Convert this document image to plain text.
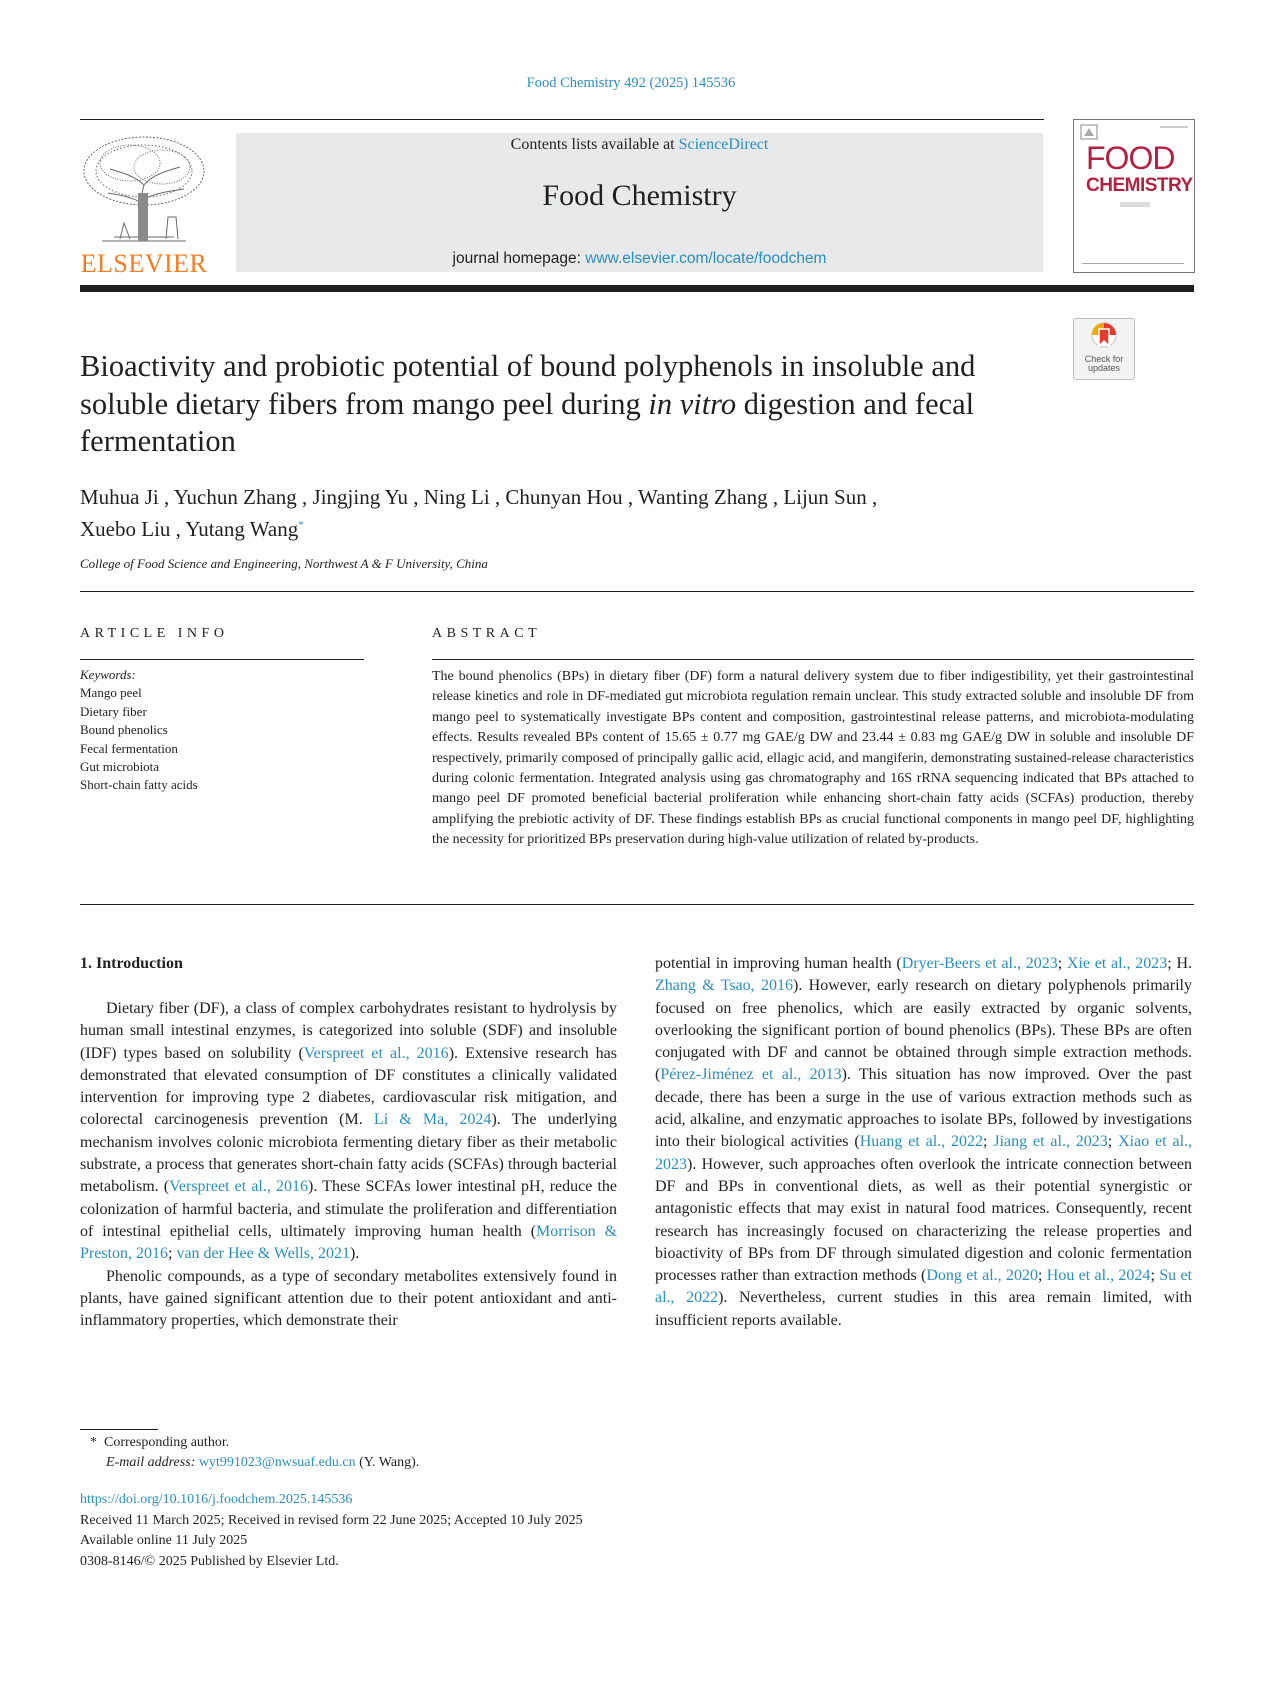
Food Chemistry 492 (2025) 145536
ELSEVIER
Contents lists available at ScienceDirect
Food Chemistry
journal homepage: www.elsevier.com/locate/foodchem
FOOD
CHEMISTRY
Check for updates
Bioactivity and probiotic potential of bound polyphenols in insoluble and soluble dietary fibers from mango peel during in vitro digestion and fecal fermentation
Muhua Ji , Yuchun Zhang , Jingjing Yu , Ning Li , Chunyan Hou , Wanting Zhang , Lijun Sun ,
Xuebo Liu , Yutang Wang*
College of Food Science and Engineering, Northwest A & F University, China
ARTICLE INFO	ABSTRACT
Keywords:
Mango peel
Dietary fiber
Bound phenolics
Fecal fermentation
Gut microbiota
Short-chain fatty acids
The bound phenolics (BPs) in dietary fiber (DF) form a natural delivery system due to fiber indigestibility, yet their gastrointestinal release kinetics and role in DF-mediated gut microbiota regulation remain unclear. This study extracted soluble and insoluble DF from mango peel to systematically investigate BPs content and composition, gastrointestinal release patterns, and microbiota-modulating effects. Results revealed BPs content of 15.65 ± 0.77 mg GAE/g DW and 23.44 ± 0.83 mg GAE/g DW in soluble and insoluble DF respectively, primarily composed of principally gallic acid, ellagic acid, and mangiferin, demonstrating sustained-release characteristics during colonic fermentation. Integrated analysis using gas chromatography and 16S rRNA sequencing indicated that BPs attached to mango peel DF promoted beneficial bacterial proliferation while enhancing short-chain fatty acids (SCFAs) production, thereby amplifying the prebiotic activity of DF. These findings establish BPs as crucial functional components in mango peel DF, highlighting the necessity for prioritized BPs preservation during high-value utilization of related by-products.
1. Introduction

Dietary fiber (DF), a class of complex carbohydrates resistant to hydrolysis by human small intestinal enzymes, is categorized into soluble (SDF) and insoluble (IDF) types based on solubility (Verspreet et al., 2016). Extensive research has demonstrated that elevated consumption of DF constitutes a clinically validated intervention for improving type 2 diabetes, cardiovascular risk mitigation, and colorectal carcinogenesis prevention (M. Li & Ma, 2024). The underlying mechanism involves colonic microbiota fermenting dietary fiber as their metabolic substrate, a process that generates short-chain fatty acids (SCFAs) through bacterial metabolism. (Verspreet et al., 2016). These SCFAs lower intestinal pH, reduce the colonization of harmful bacteria, and stimulate the proliferation and differentiation of intestinal epithelial cells, ultimately improving human health (Morrison & Preston, 2016; van der Hee & Wells, 2021).

Phenolic compounds, as a type of secondary metabolites extensively found in plants, have gained significant attention due to their potent antioxidant and anti-inflammatory properties, which demonstrate their

potential in improving human health (Dryer-Beers et al., 2023; Xie et al., 2023; H. Zhang & Tsao, 2016). However, early research on dietary polyphenols primarily focused on free phenolics, which are easily extracted by organic solvents, overlooking the significant portion of bound phenolics (BPs). These BPs are often conjugated with DF and cannot be obtained through simple extraction methods.(Pérez-Jiménez et al., 2013). This situation has now improved. Over the past decade, there has been a surge in the use of various extraction methods such as acid, alkaline, and enzymatic approaches to isolate BPs, followed by investigations into their biological activities (Huang et al., 2022; Jiang et al., 2023; Xiao et al., 2023). However, such approaches often overlook the intricate connection between DF and BPs in conventional diets, as well as their potential synergistic or antagonistic effects that may exist in natural food matrices. Consequently, recent research has increasingly focused on characterizing the release properties and bioactivity of BPs from DF through simulated digestion and colonic fermentation processes rather than extraction methods (Dong et al., 2020; Hou et al., 2024; Su et al., 2022). Nevertheless, current studies in this area remain limited, with insufficient reports available.

* Corresponding author.
E-mail address: wyt991023@nwsuaf.edu.cn (Y. Wang).
https://doi.org/10.1016/j.foodchem.2025.145536
Received 11 March 2025; Received in revised form 22 June 2025; Accepted 10 July 2025
Available online 11 July 2025
0308-8146/© 2025 Published by Elsevier Ltd.
